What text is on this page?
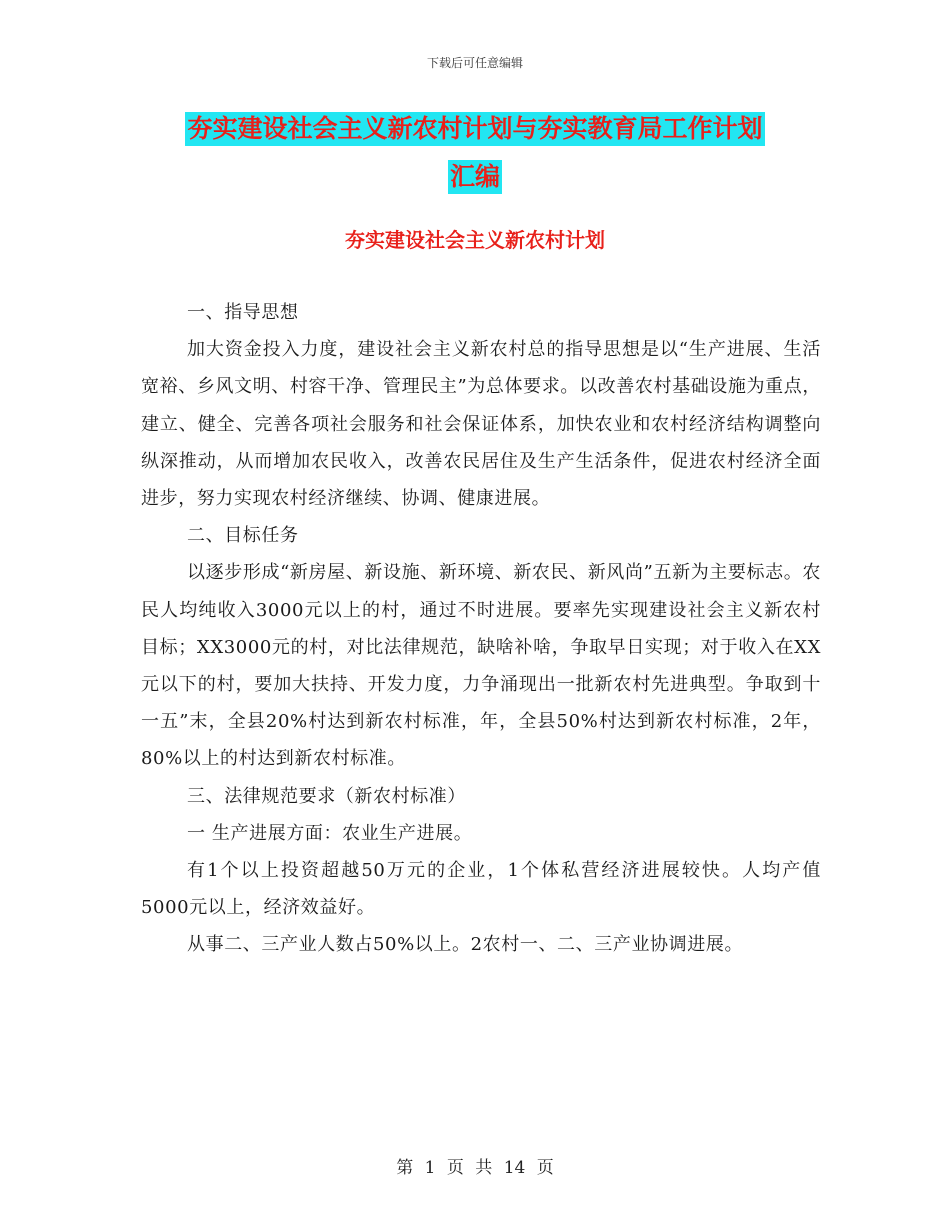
下载后可任意编辑
夯实建设社会主义新农村计划与夯实教育局工作计划
汇编
夯实建设社会主义新农村计划

一、指导思想

加大资金投入力度，建设社会主义新农村总的指导思想是以“生产进展、生活宽裕、乡风文明、村容干净、管理民主”为总体要求。以改善农村基础设施为重点，建立、健全、完善各项社会服务和社会保证体系，加快农业和农村经济结构调整向纵深推动，从而增加农民收入，改善农民居住及生产生活条件，促进农村经济全面进步，努力实现农村经济继续、协调、健康进展。

二、目标任务

以逐步形成“新房屋、新设施、新环境、新农民、新风尚”五新为主要标志。农民人均纯收入3000元以上的村，通过不时进展。要率先实现建设社会主义新农村目标；XX3000元的村，对比法律规范，缺啥补啥，争取早日实现；对于收入在XX元以下的村，要加大扶持、开发力度，力争涌现出一批新农村先进典型。争取到十一五”末，全县20%村达到新农村标准，年，全县50%村达到新农村标准，2年，80%以上的村达到新农村标准。

三、法律规范要求（新农村标准）

一 生产进展方面：农业生产进展。

有1个以上投资超越50万元的企业，1个体私营经济进展较快。人均产值5000元以上，经济效益好。

从事二、三产业人数占50%以上。2农村一、二、三产业协调进展。

第 1 页 共 14 页
